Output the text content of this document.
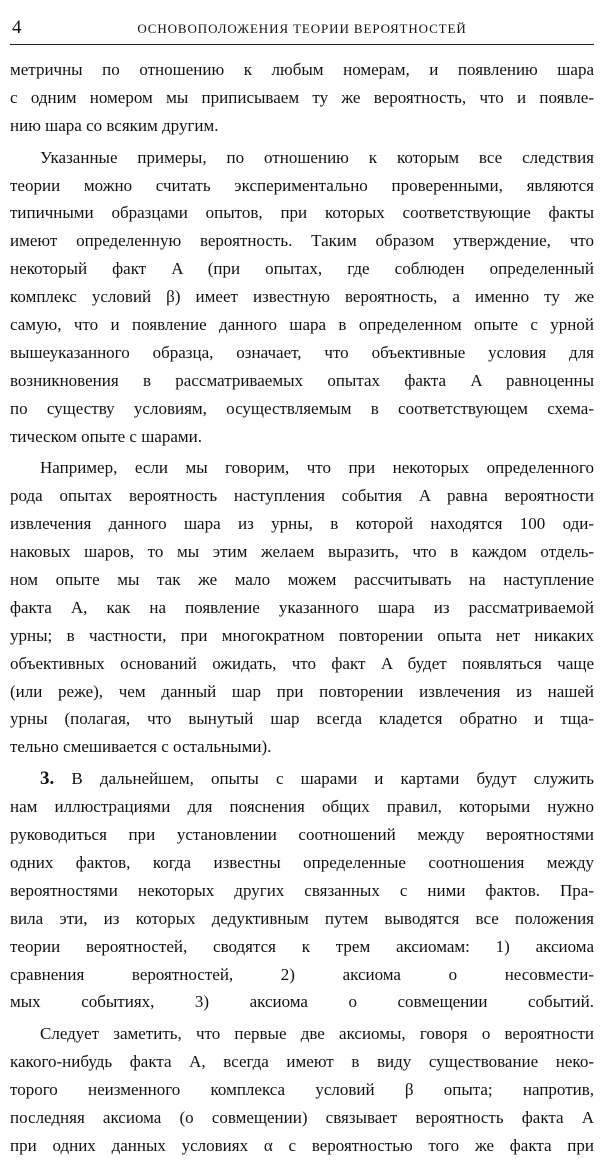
4	ОСНОВОПОЛОЖЕНИЯ ТЕОРИИ ВЕРОЯТНОСТЕЙ
метричны по отношению к любым номерам, и появлению шара
с одним номером мы приписываем ту же вероятность, что и появле-
нию шара со всяким другим.
Указанные примеры, по отношению к которым все следствия
теории можно считать экспериментально проверенными, являются
типичными образцами опытов, при которых соответствующие факты
имеют определенную вероятность. Таким образом утверждение, что
некоторый факт A (при опытах, где соблюден определенный
комплекс условий β) имеет известную вероятность, а именно ту же
самую, что и появление данного шара в определенном опыте с урной
вышеуказанного образца, означает, что объективные условия для
возникновения в рассматриваемых опытах факта A равноценны
по существу условиям, осуществляемым в соответствующем схема-
тическом опыте с шарами.
Например, если мы говорим, что при некоторых определенного
рода опытах вероятность наступления события A равна вероятности
извлечения данного шара из урны, в которой находятся 100 оди-
наковых шаров, то мы этим желаем выразить, что в каждом отдель-
ном опыте мы так же мало можем рассчитывать на наступление
факта A, как на появление указанного шара из рассматриваемой
урны; в частности, при многократном повторении опыта нет никаких
объективных оснований ожидать, что факт A будет появляться чаще
(или реже), чем данный шар при повторении извлечения из нашей
урны (полагая, что вынутый шар всегда кладется обратно и тща-
тельно смешивается с остальными).
3. В дальнейшем, опыты с шарами и картами будут служить
нам иллюстрациями для пояснения общих правил, которыми нужно
руководиться при установлении соотношений между вероятностями
одних фактов, когда известны определенные соотношения между
вероятностями некоторых других связанных с ними фактов. Пра-
вила эти, из которых дедуктивным путем выводятся все положения
теории вероятностей, сводятся к трем аксиомам: 1) аксиома
сравнения вероятностей, 2) аксиома о несовмести-
мых событиях, 3) аксиома о совмещении событий.
Следует заметить, что первые две аксиомы, говоря о вероятности
какого-нибудь факта A, всегда имеют в виду существование неко-
торого неизменного комплекса условий β опыта; напротив,
последняя аксиома (о совмещении) связывает вероятность факта A
при одних данных условиях α с вероятностью того же факта при
